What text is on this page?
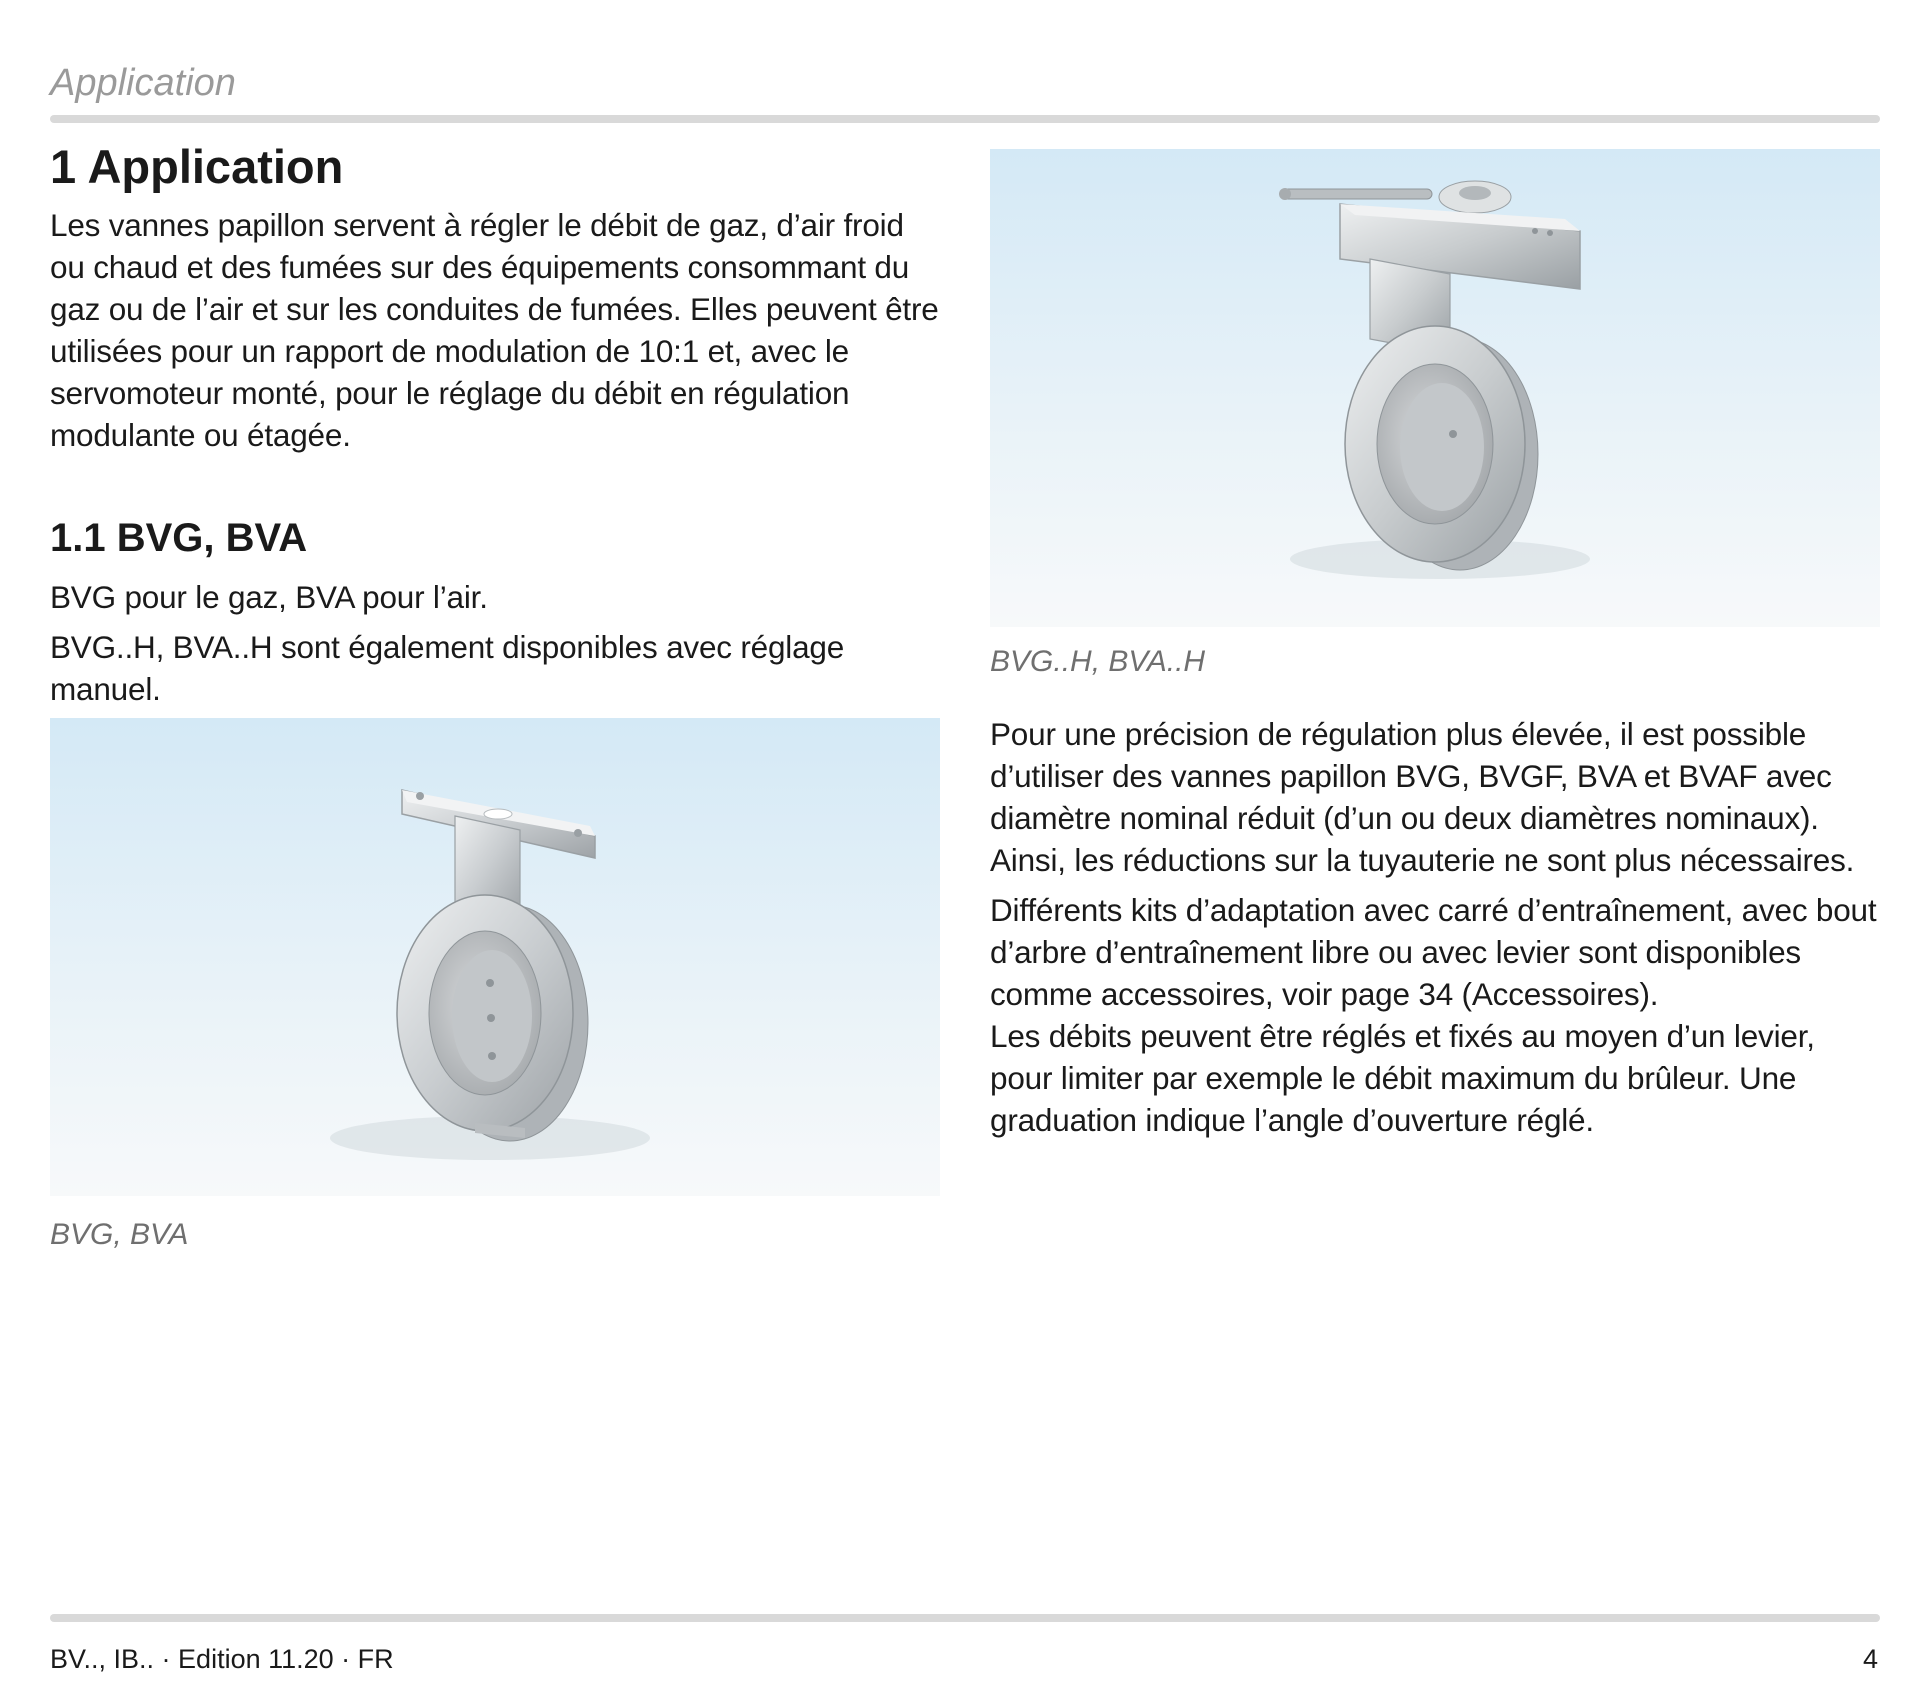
Application
1 Application

Les vannes papillon servent à régler le débit de gaz, d’air froid ou chaud et des fumées sur des équipements consommant du gaz ou de l’air et sur les conduites de fumées. Elles peuvent être utilisées pour un rapport de modulation de 10:1 et, avec le servomoteur monté, pour le réglage du débit en régulation modulante ou étagée.

1.1 BVG, BVA

BVG pour le gaz, BVA pour l’air.

BVG..H, BVA..H sont également disponibles avec réglage manuel.

BVG, BVA

BVG..H, BVA..H

Pour une précision de régulation plus élevée, il est possible d’utiliser des vannes papillon BVG, BVGF, BVA et BVAF avec diamètre nominal réduit (d’un ou deux diamètres nominaux). Ainsi, les réductions sur la tuyauterie ne sont plus nécessaires.

Différents kits d’adaptation avec carré d’entraînement, avec bout d’arbre d’entraînement libre ou avec levier sont disponibles comme accessoires, voir page 34 (Accessoires).

Les débits peuvent être réglés et fixés au moyen d’un levier, pour limiter par exemple le débit maximum du brûleur. Une graduation indique l’angle d’ouverture réglé.

BV.., IB.. · Edition 11.20 · FR	4
